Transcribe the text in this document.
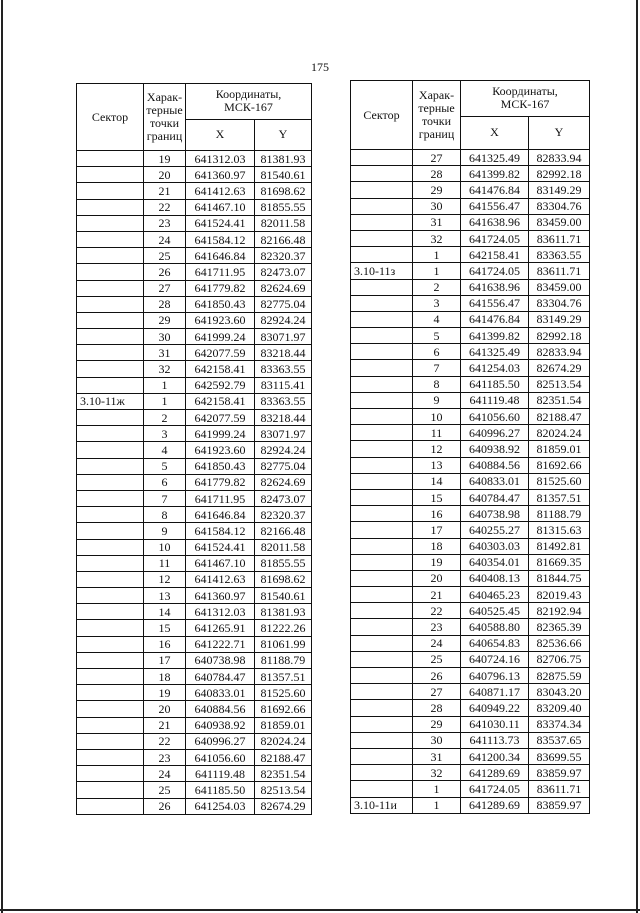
175
Сектор	Харак-
терные
точки
границ	Координаты,
МСК-167	

		X	Y
	19	641312.03	81381.93
	20	641360.97	81540.61
	21	641412.63	81698.62
	22	641467.10	81855.55
	23	641524.41	82011.58
	24	641584.12	82166.48
	25	641646.84	82320.37
	26	641711.95	82473.07
	27	641779.82	82624.69
	28	641850.43	82775.04
	29	641923.60	82924.24
	30	641999.24	83071.97
	31	642077.59	83218.44
	32	642158.41	83363.55
	1	642592.79	83115.41
3.10-11ж	1	642158.41	83363.55
	2	642077.59	83218.44
	3	641999.24	83071.97
	4	641923.60	82924.24
	5	641850.43	82775.04
	6	641779.82	82624.69
	7	641711.95	82473.07
	8	641646.84	82320.37
	9	641584.12	82166.48
	10	641524.41	82011.58
	11	641467.10	81855.55
	12	641412.63	81698.62
	13	641360.97	81540.61
	14	641312.03	81381.93
	15	641265.91	81222.26
	16	641222.71	81061.99
	17	640738.98	81188.79
	18	640784.47	81357.51
	19	640833.01	81525.60
	20	640884.56	81692.66
	21	640938.92	81859.01
	22	640996.27	82024.24
	23	641056.60	82188.47
	24	641119.48	82351.54
	25	641185.50	82513.54
	26	641254.03	82674.29
Сектор	Харак-
терные
точки
границ	Координаты,
МСК-167	

		X	Y
	27	641325.49	82833.94
	28	641399.82	82992.18
	29	641476.84	83149.29
	30	641556.47	83304.76
	31	641638.96	83459.00
	32	641724.05	83611.71
	1	642158.41	83363.55
3.10-11з	1	641724.05	83611.71
	2	641638.96	83459.00
	3	641556.47	83304.76
	4	641476.84	83149.29
	5	641399.82	82992.18
	6	641325.49	82833.94
	7	641254.03	82674.29
	8	641185.50	82513.54
	9	641119.48	82351.54
	10	641056.60	82188.47
	11	640996.27	82024.24
	12	640938.92	81859.01
	13	640884.56	81692.66
	14	640833.01	81525.60
	15	640784.47	81357.51
	16	640738.98	81188.79
	17	640255.27	81315.63
	18	640303.03	81492.81
	19	640354.01	81669.35
	20	640408.13	81844.75
	21	640465.23	82019.43
	22	640525.45	82192.94
	23	640588.80	82365.39
	24	640654.83	82536.66
	25	640724.16	82706.75
	26	640796.13	82875.59
	27	640871.17	83043.20
	28	640949.22	83209.40
	29	641030.11	83374.34
	30	641113.73	83537.65
	31	641200.34	83699.55
	32	641289.69	83859.97
	1	641724.05	83611.71
3.10-11и	1	641289.69	83859.97
